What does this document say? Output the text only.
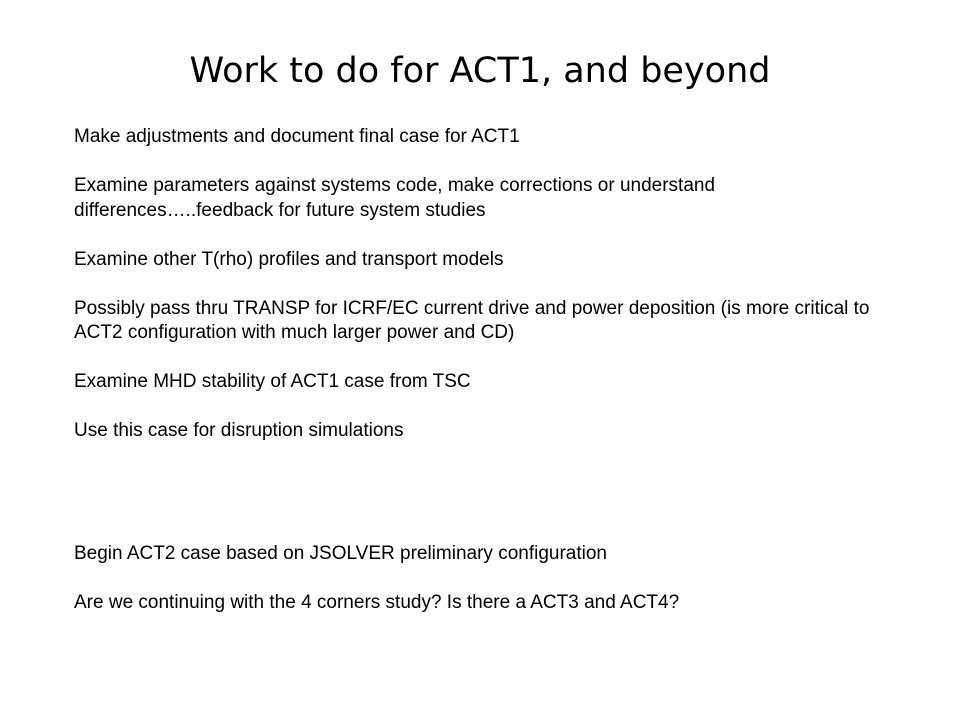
Work to do for ACT1, and beyond

Make adjustments and document final case for ACT1

Examine parameters against systems code, make corrections or understand differences…..feedback for future system studies

Examine other T(rho) profiles and transport models

Possibly pass thru TRANSP for ICRF/EC current drive and power deposition (is more critical to ACT2 configuration with much larger power and CD)

Examine MHD stability of ACT1 case from TSC

Use this case for disruption simulations

Begin ACT2 case based on JSOLVER preliminary configuration

Are we continuing with the 4 corners study? Is there a ACT3 and ACT4?
